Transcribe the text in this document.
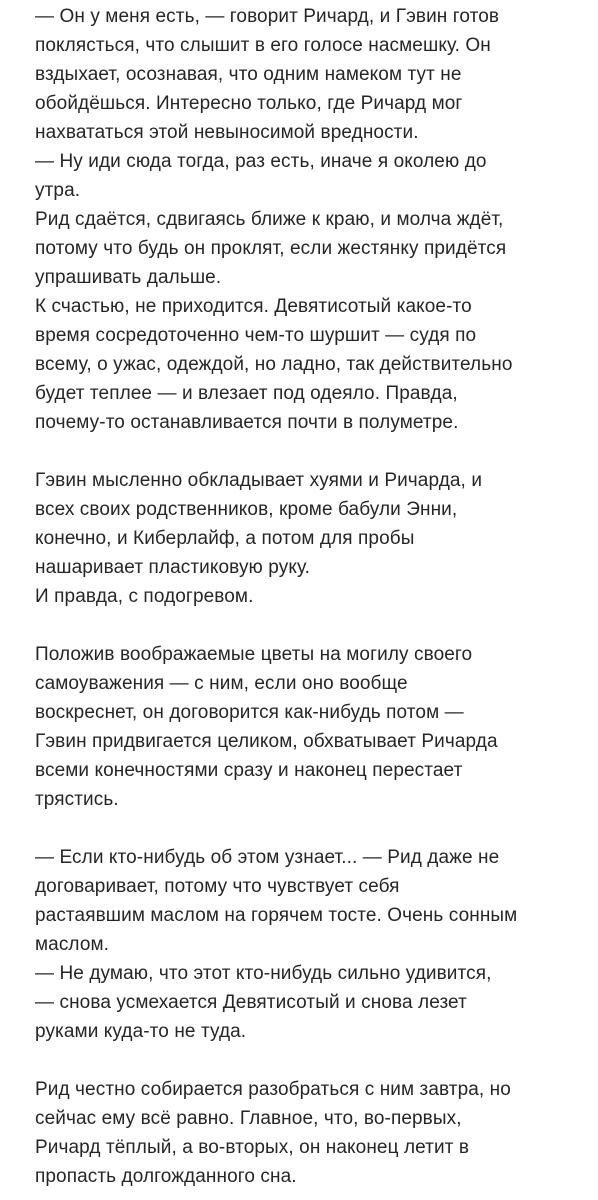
— Он у меня есть, — говорит Ричард, и Гэвин готов
поклясться, что слышит в его голосе насмешку. Он
вздыхает, осознавая, что одним намеком тут не
обойдёшься. Интересно только, где Ричард мог
нахвататься этой невыносимой вредности.
— Ну иди сюда тогда, раз есть, иначе я околею до
утра.
Рид сдаётся, сдвигаясь ближе к краю, и молча ждёт,
потому что будь он проклят, если жестянку придётся
упрашивать дальше.
К счастью, не приходится. Девятисотый какое-то
время сосредоточенно чем-то шуршит — судя по
всему, о ужас, одеждой, но ладно, так действительно
будет теплее — и влезает под одеяло. Правда,
почему-то останавливается почти в полуметре.
Гэвин мысленно обкладывает хуями и Ричарда, и
всех своих родственников, кроме бабули Энни,
конечно, и Киберлайф, а потом для пробы
нашаривает пластиковую руку.
И правда, с подогревом.
Положив воображаемые цветы на могилу своего
самоуважения — с ним, если оно вообще
воскреснет, он договорится как-нибудь потом —
Гэвин придвигается целиком, обхватывает Ричарда
всеми конечностями сразу и наконец перестает
трястись.
— Если кто-нибудь об этом узнает... — Рид даже не
договаривает, потому что чувствует себя
растаявшим маслом на горячем тосте. Очень сонным
маслом.
— Не думаю, что этот кто-нибудь сильно удивится,
— снова усмехается Девятисотый и снова лезет
руками куда-то не туда.
Рид честно собирается разобраться с ним завтра, но
сейчас ему всё равно. Главное, что, во-первых,
Ричард тёплый, а во-вторых, он наконец летит в
пропасть долгожданного сна.
